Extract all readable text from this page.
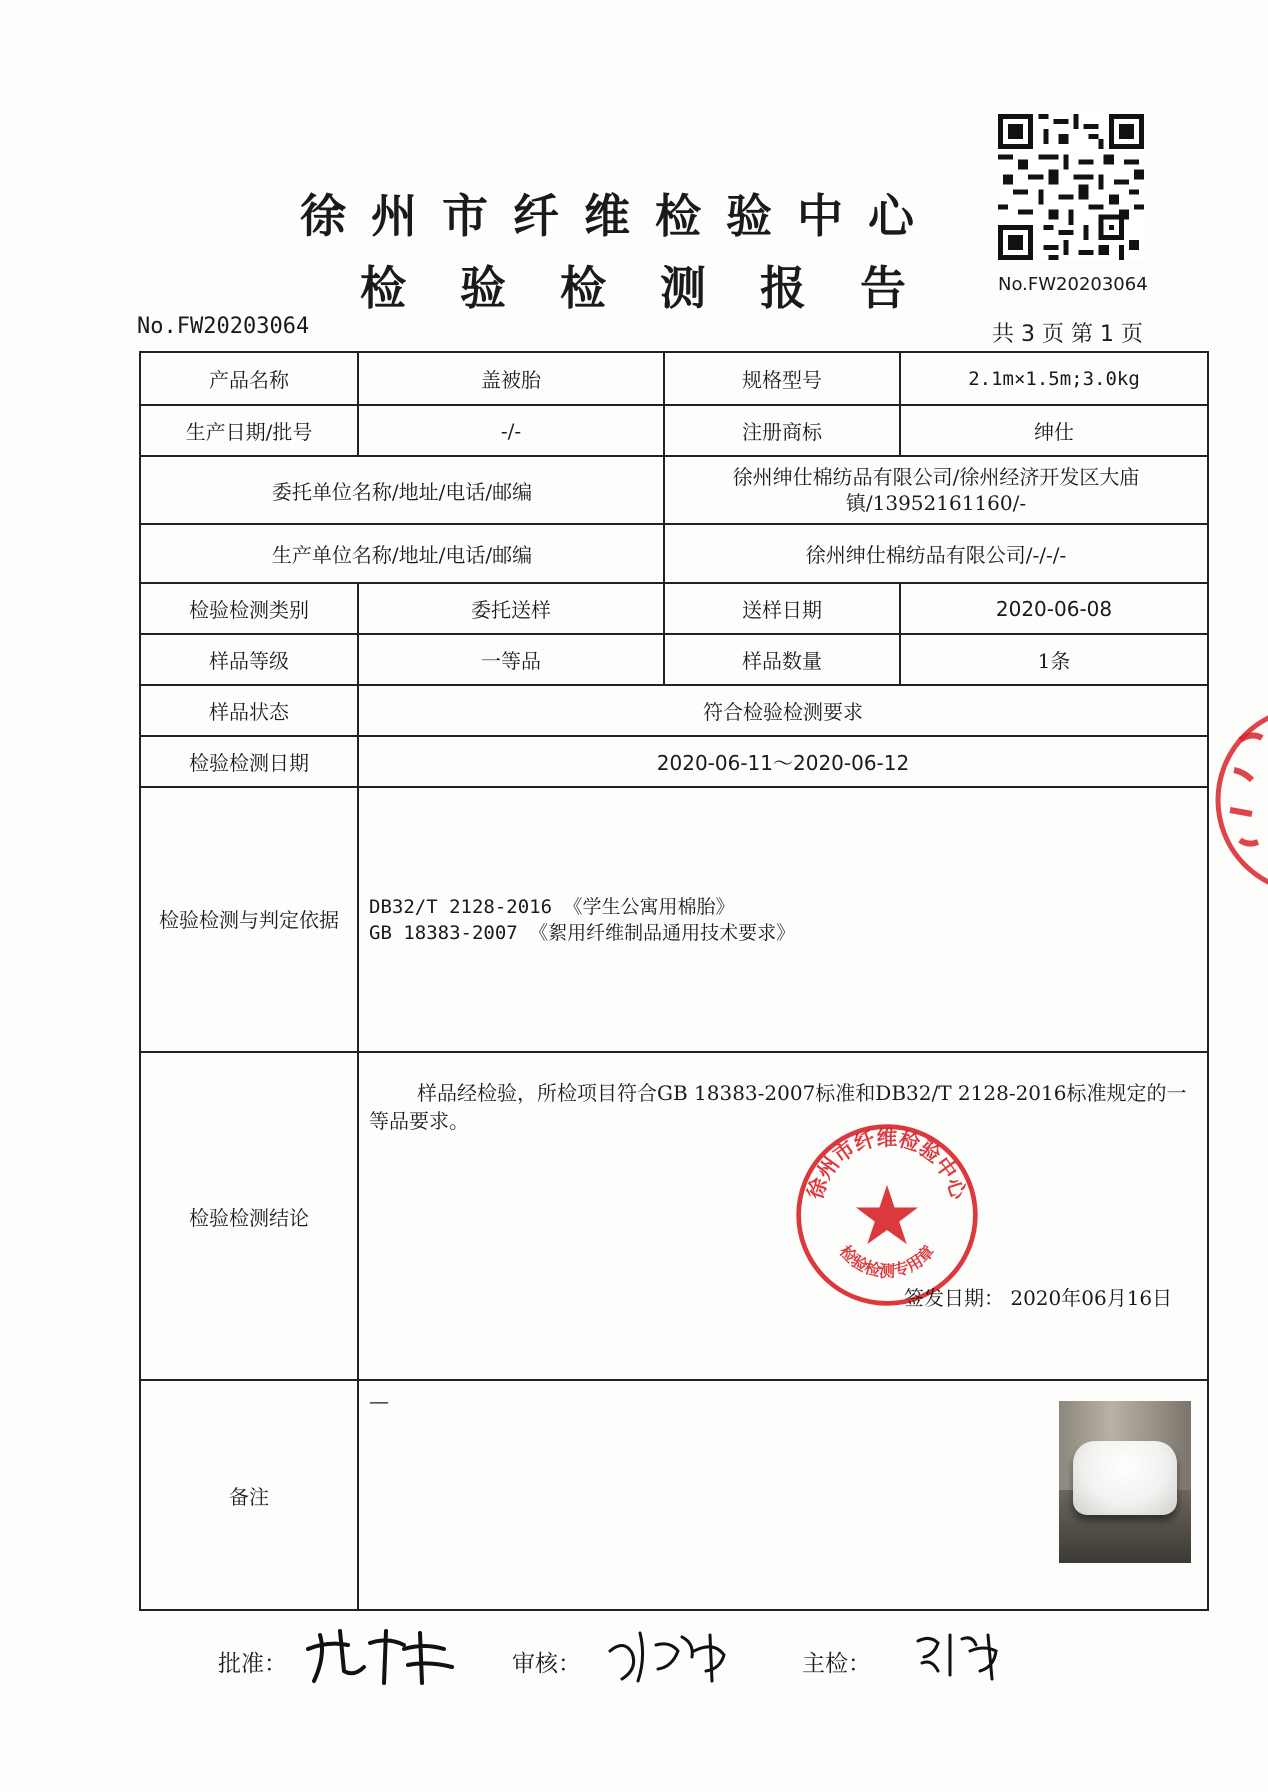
徐州市纤维检验中心
检验检测报告 No.FW20203064
No.FW20203064	共 3 页 第 1 页
产品名称	盖被胎	规格型号	2.1m×1.5m;3.0kg
生产日期/批号	-/-	注册商标	绅仕
委托单位名称/地址/电话/邮编		徐州绅仕棉纺品有限公司/徐州经济开发区大庙镇/13952161160/-	
生产单位名称/地址/电话/邮编		徐州绅仕棉纺品有限公司/-/-/-	
检验检测类别	委托送样	送样日期	2020-06-08
样品等级	一等品	样品数量	1条
样品状态	符合检验检测要求		
检验检测日期	2020-06-11～2020-06-12		
检验检测与判定依据	DB32/T 2128-2016 《学生公寓用棉胎》
GB 18383-2007 《絮用纤维制品通用技术要求》		

检验检测结论	样品经检验，所检项目符合GB 18383-2007标准和DB32/T 2128-2016标准规定的一等品要求。
徐州市纤维检验中心
检验检测专用章
签发日期： 2020年06月16日		

备注	—		
批准：	审核：	主检：
